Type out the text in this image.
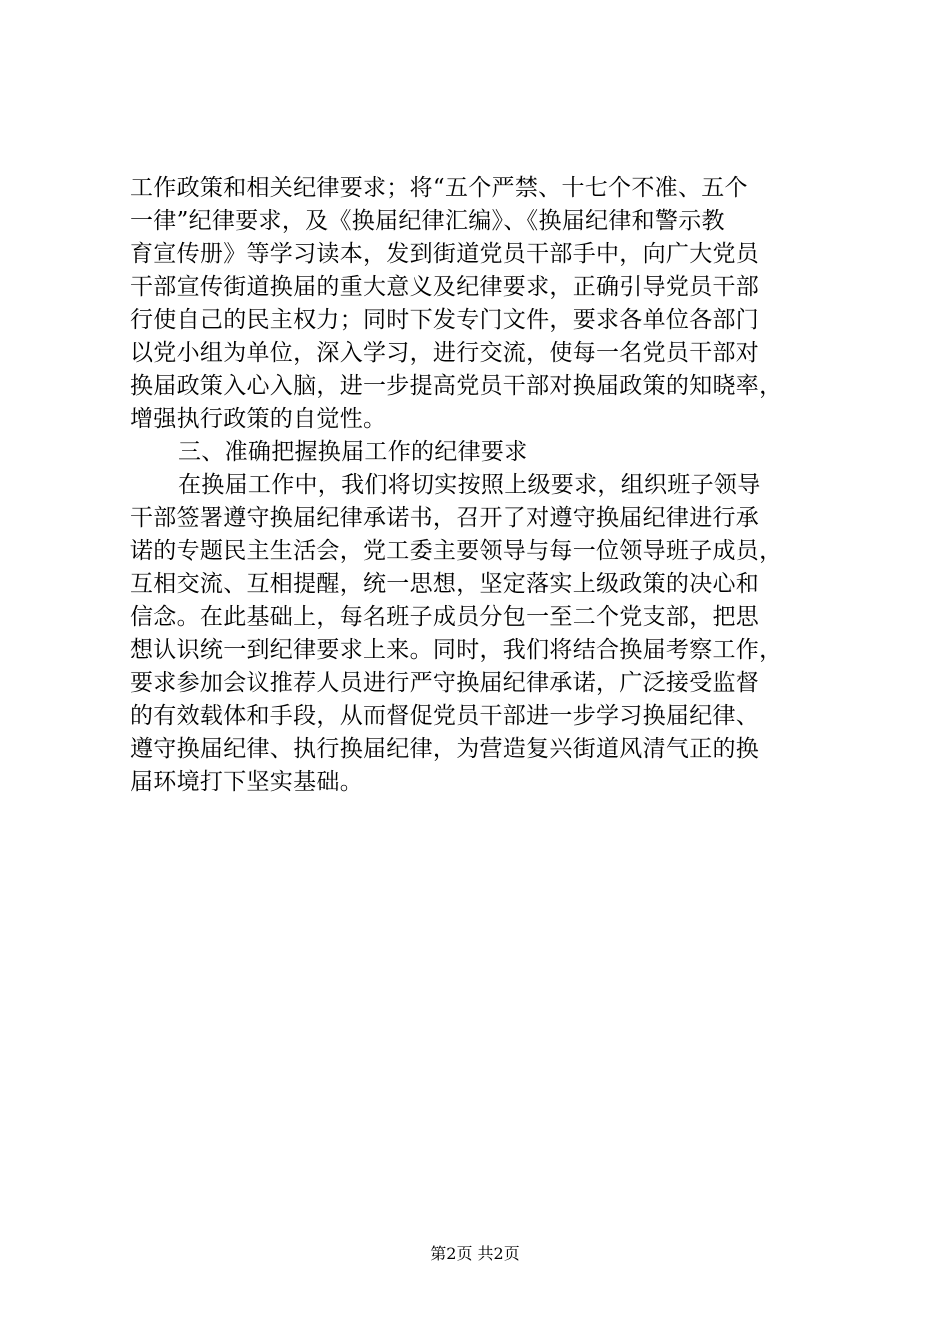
工作政策和相关纪律要求；将“五个严禁、十七个不准、五个
一律”纪律要求，及《换届纪律汇编》、《换届纪律和警示教
育宣传册》等学习读本，发到街道党员干部手中，向广大党员
干部宣传街道换届的重大意义及纪律要求，正确引导党员干部
行使自己的民主权力；同时下发专门文件，要求各单位各部门
以党小组为单位，深入学习，进行交流，使每一名党员干部对
换届政策入心入脑，进一步提高党员干部对换届政策的知晓率，
增强执行政策的自觉性。
三、准确把握换届工作的纪律要求
在换届工作中，我们将切实按照上级要求，组织班子领导
干部签署遵守换届纪律承诺书，召开了对遵守换届纪律进行承
诺的专题民主生活会，党工委主要领导与每一位领导班子成员，
互相交流、互相提醒，统一思想，坚定落实上级政策的决心和
信念。在此基础上，每名班子成员分包一至二个党支部，把思
想认识统一到纪律要求上来。同时，我们将结合换届考察工作，
要求参加会议推荐人员进行严守换届纪律承诺，广泛接受监督
的有效载体和手段，从而督促党员干部进一步学习换届纪律、
遵守换届纪律、执行换届纪律，为营造复兴街道风清气正的换
届环境打下坚实基础。
第2页 共2页
